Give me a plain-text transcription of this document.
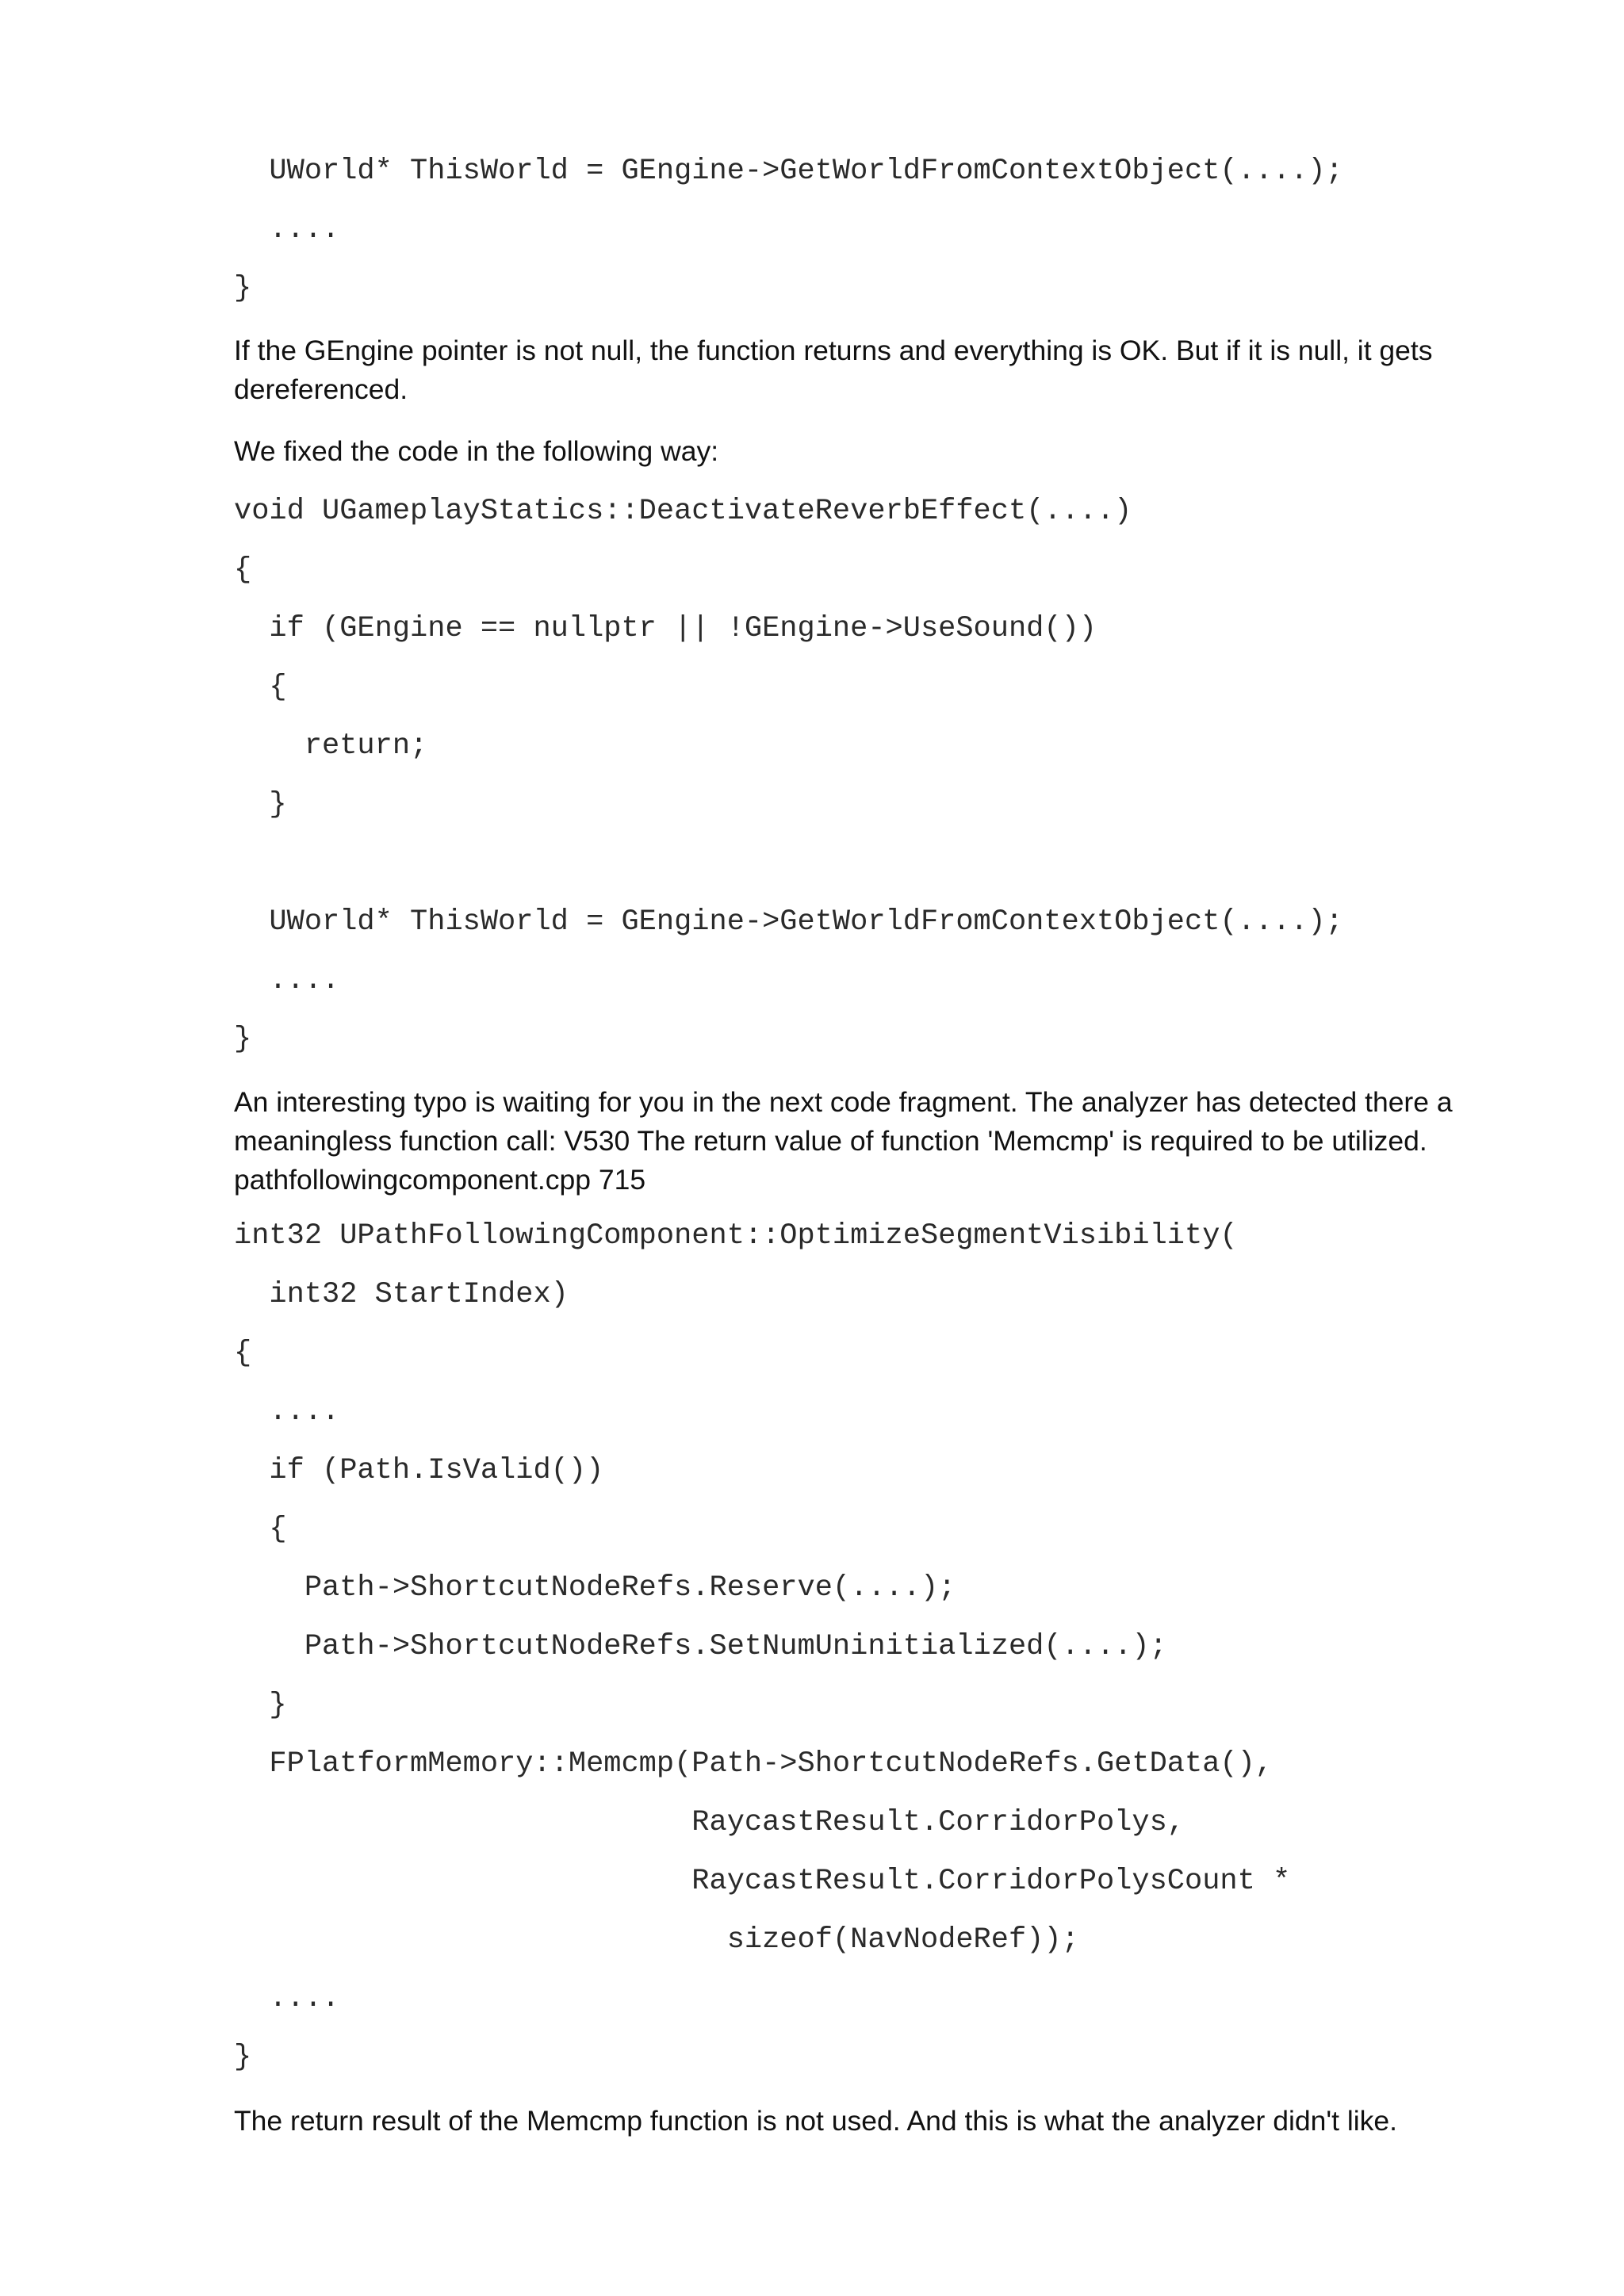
UWorld* ThisWorld = GEngine->GetWorldFromContextObject(....);
....
}

If the GEngine pointer is not null, the function returns and everything is OK. But if it is null, it gets dereferenced.

We fixed the code in the following way:

void UGameplayStatics::DeactivateReverbEffect(....)
{
if (GEngine == nullptr || !GEngine->UseSound())
{
return;
}
UWorld* ThisWorld = GEngine->GetWorldFromContextObject(....);
....
}

An interesting typo is waiting for you in the next code fragment. The analyzer has detected there a meaningless function call: V530 The return value of function 'Memcmp' is required to be utilized. pathfollowingcomponent.cpp 715

int32 UPathFollowingComponent::OptimizeSegmentVisibility(
int32 StartIndex)
{
....
if (Path.IsValid())
{
Path->ShortcutNodeRefs.Reserve(....);
Path->ShortcutNodeRefs.SetNumUninitialized(....);
}
FPlatformMemory::Memcmp(Path->ShortcutNodeRefs.GetData(),
RaycastResult.CorridorPolys,
RaycastResult.CorridorPolysCount *
sizeof(NavNodeRef));
....
}

The return result of the Memcmp function is not used. And this is what the analyzer didn't like.
